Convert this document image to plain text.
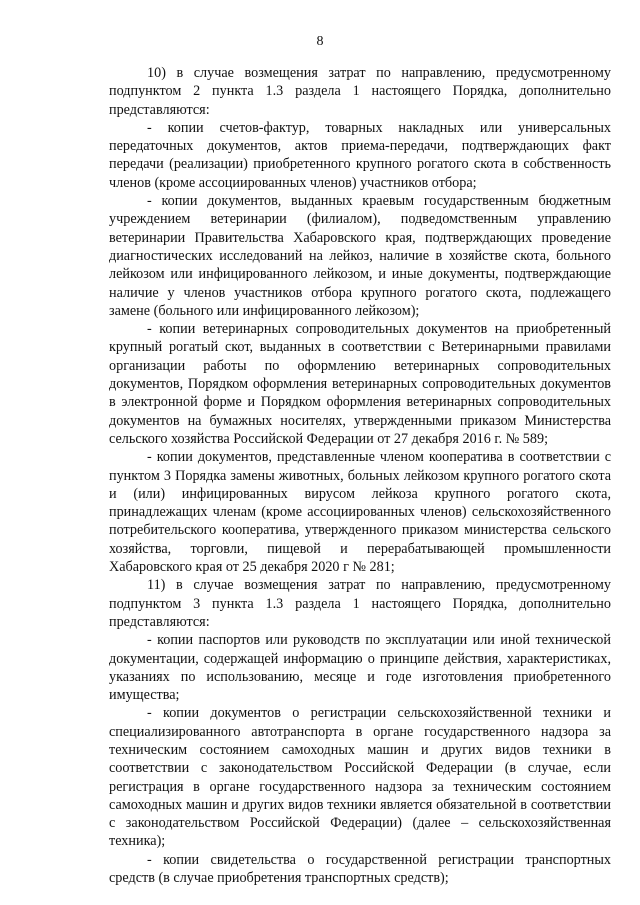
8

10) в случае возмещения затрат по направлению, предусмотренному подпунктом 2 пункта 1.3 раздела 1 настоящего Порядка, дополнительно представляются:

- копии счетов-фактур, товарных накладных или универсальных передаточных документов, актов приема-передачи, подтверждающих факт передачи (реализации) приобретенного крупного рогатого скота в собственность членов (кроме ассоциированных членов) участников отбора;

- копии документов, выданных краевым государственным бюджетным учреждением ветеринарии (филиалом), подведомственным управлению ветеринарии Правительства Хабаровского края, подтверждающих проведение диагностических исследований на лейкоз, наличие в хозяйстве скота, больного лейкозом или инфицированного лейкозом, и иные документы, подтверждающие наличие у членов участников отбора крупного рогатого скота, подлежащего замене (больного или инфицированного лейкозом);

- копии ветеринарных сопроводительных документов на приобретенный крупный рогатый скот, выданных в соответствии с Ветеринарными правилами организации работы по оформлению ветеринарных сопроводительных документов, Порядком оформления ветеринарных сопроводительных документов в электронной форме и Порядком оформления ветеринарных сопроводительных документов на бумажных носителях, утвержденными приказом Министерства сельского хозяйства Российской Федерации от 27 декабря 2016 г. № 589;

- копии документов, представленные членом кооператива в соответствии с пунктом 3 Порядка замены животных, больных лейкозом крупного рогатого скота и (или) инфицированных вирусом лейкоза крупного рогатого скота, принадлежащих членам (кроме ассоциированных членов) сельскохозяйственного потребительского кооператива, утвержденного приказом министерства сельского хозяйства, торговли, пищевой и перерабатывающей промышленности Хабаровского края от 25 декабря 2020 г № 281;

11) в случае возмещения затрат по направлению, предусмотренному подпунктом 3 пункта 1.3 раздела 1 настоящего Порядка, дополнительно представляются:

- копии паспортов или руководств по эксплуатации или иной технической документации, содержащей информацию о принципе действия, характеристиках, указаниях по использованию, месяце и годе изготовления приобретенного имущества;

- копии документов о регистрации сельскохозяйственной техники и специализированного автотранспорта в органе государственного надзора за техническим состоянием самоходных машин и других видов техники в соответствии с законодательством Российской Федерации (в случае, если регистрация в органе государственного надзора за техническим состоянием самоходных машин и других видов техники является обязательной в соответствии с законодательством Российской Федерации) (далее – сельскохозяйственная техника);

- копии свидетельства о государственной регистрации транспортных средств (в случае приобретения транспортных средств);
